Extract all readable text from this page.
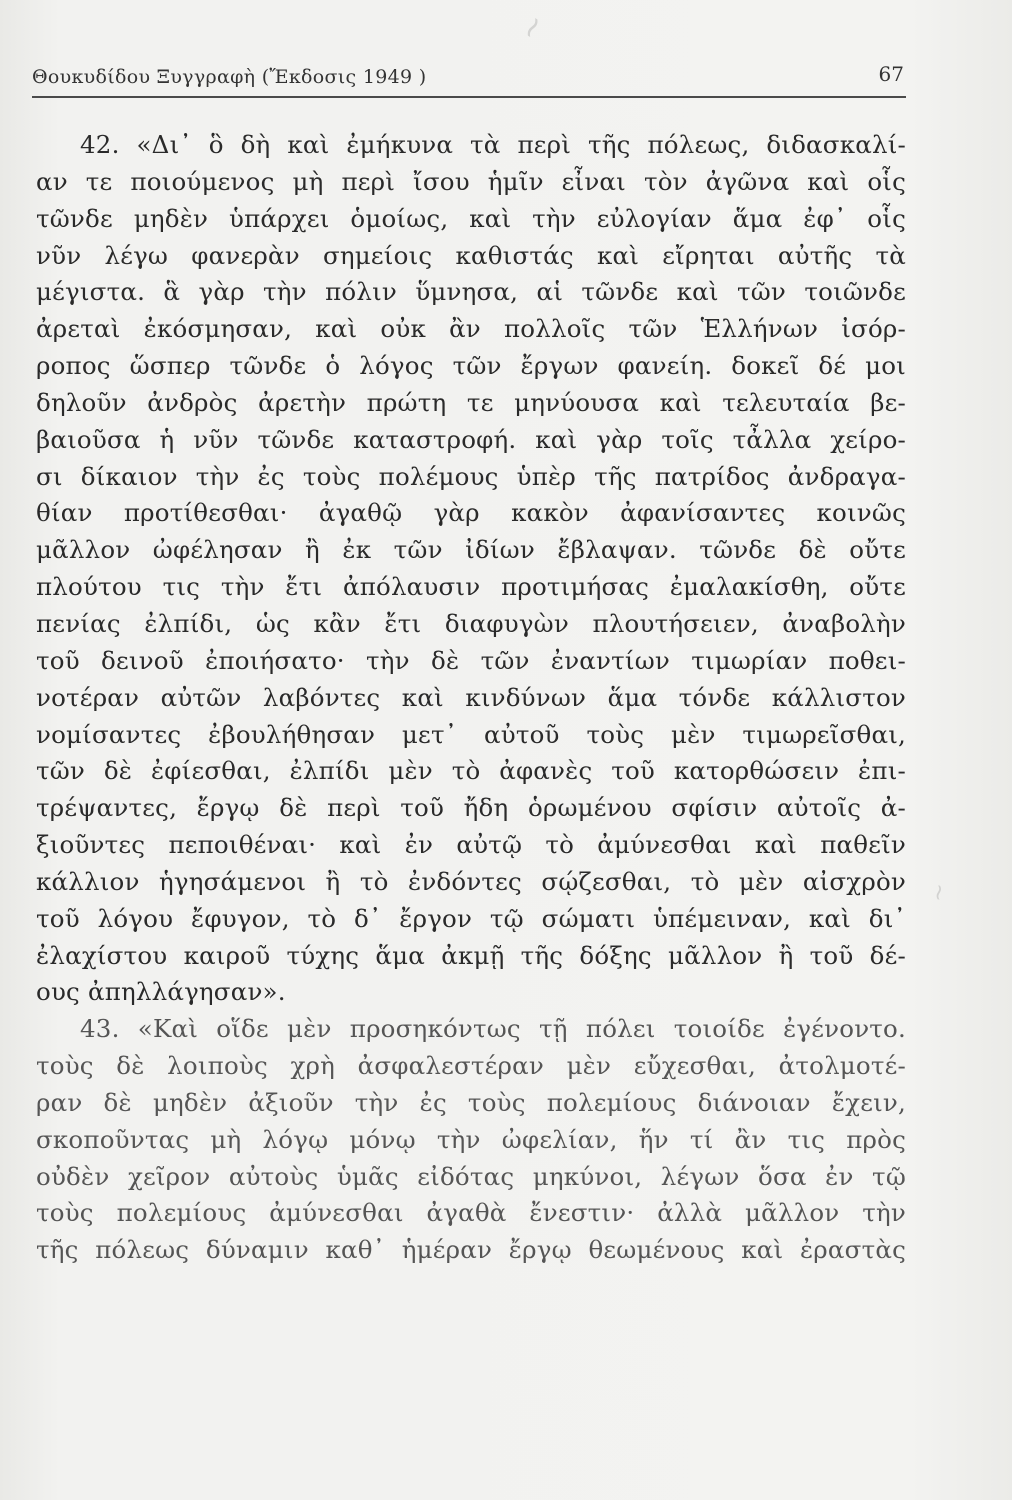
~
~
Θουκυδίδου Ξυγγραφὴ (Ἔκδοσις 1949 )	67
42. «Δι᾿ ὃ δὴ καὶ ἐμήκυνα τὰ περὶ τῆς πόλεως, διδασκαλί-
αν τε ποιούμενος μὴ περὶ ἴσου ἡμῖν εἶναι τὸν ἀγῶνα καὶ οἷς
τῶνδε μηδὲν ὑπάρχει ὁμοίως, καὶ τὴν εὐλογίαν ἅμα ἐφ᾿ οἷς
νῦν λέγω φανερὰν σημείοις καθιστάς καὶ εἴρηται αὐτῆς τὰ
μέγιστα. ἃ γὰρ τὴν πόλιν ὕμνησα, αἱ τῶνδε καὶ τῶν τοιῶνδε
ἀρεταὶ ἐκόσμησαν, καὶ οὐκ ἂν πολλοῖς τῶν Ἑλλήνων ἰσόρ-
ροπος ὥσπερ τῶνδε ὁ λόγος τῶν ἔργων φανείη. δοκεῖ δέ μοι
δηλοῦν ἀνδρὸς ἀρετὴν πρώτη τε μηνύουσα καὶ τελευταία βε-
βαιοῦσα ἡ νῦν τῶνδε καταστροφή. καὶ γὰρ τοῖς τἆλλα χείρο-
σι δίκαιον τὴν ἐς τοὺς πολέμους ὑπὲρ τῆς πατρίδος ἀνδραγα-
θίαν προτίθεσθαι· ἀγαθῷ γὰρ κακὸν ἀφανίσαντες κοινῶς
μᾶλλον ὠφέλησαν ἢ ἐκ τῶν ἰδίων ἔβλαψαν. τῶνδε δὲ οὔτε
πλούτου τις τὴν ἔτι ἀπόλαυσιν προτιμήσας ἐμαλακίσθη, οὔτε
πενίας ἐλπίδι, ὡς κἂν ἔτι διαφυγὼν πλουτήσειεν, ἀναβολὴν
τοῦ δεινοῦ ἐποιήσατο· τὴν δὲ τῶν ἐναντίων τιμωρίαν ποθει-
νοτέραν αὐτῶν λαβόντες καὶ κινδύνων ἅμα τόνδε κάλλιστον
νομίσαντες ἐβουλήθησαν μετ᾿ αὐτοῦ τοὺς μὲν τιμωρεῖσθαι,
τῶν δὲ ἐφίεσθαι, ἐλπίδι μὲν τὸ ἀφανὲς τοῦ κατορθώσειν ἐπι-
τρέψαντες, ἔργῳ δὲ περὶ τοῦ ἤδη ὁρωμένου σφίσιν αὐτοῖς ἀ-
ξιοῦντες πεποιθέναι· καὶ ἐν αὐτῷ τὸ ἀμύνεσθαι καὶ παθεῖν
κάλλιον ἡγησάμενοι ἢ τὸ ἐνδόντες σῴζεσθαι, τὸ μὲν αἰσχρὸν
τοῦ λόγου ἔφυγον, τὸ δ᾿ ἔργον τῷ σώματι ὑπέμειναν, καὶ δι᾿
ἐλαχίστου καιροῦ τύχης ἅμα ἀκμῇ τῆς δόξης μᾶλλον ἢ τοῦ δέ-
ους ἀπηλλάγησαν».
43. «Καὶ οἵδε μὲν προσηκόντως τῇ πόλει τοιοίδε ἐγένοντο.
τοὺς δὲ λοιποὺς χρὴ ἀσφαλεστέραν μὲν εὔχεσθαι, ἀτολμοτέ-
ραν δὲ μηδὲν ἀξιοῦν τὴν ἐς τοὺς πολεμίους διάνοιαν ἔχειν,
σκοποῦντας μὴ λόγῳ μόνῳ τὴν ὠφελίαν, ἥν τί ἂν τις πρὸς
οὐδὲν χεῖρον αὐτοὺς ὑμᾶς εἰδότας μηκύνοι, λέγων ὅσα ἐν τῷ
τοὺς πολεμίους ἀμύνεσθαι ἀγαθὰ ἔνεστιν· ἀλλὰ μᾶλλον τὴν
τῆς πόλεως δύναμιν καθ᾿ ἡμέραν ἔργῳ θεωμένους καὶ ἐραστὰς
